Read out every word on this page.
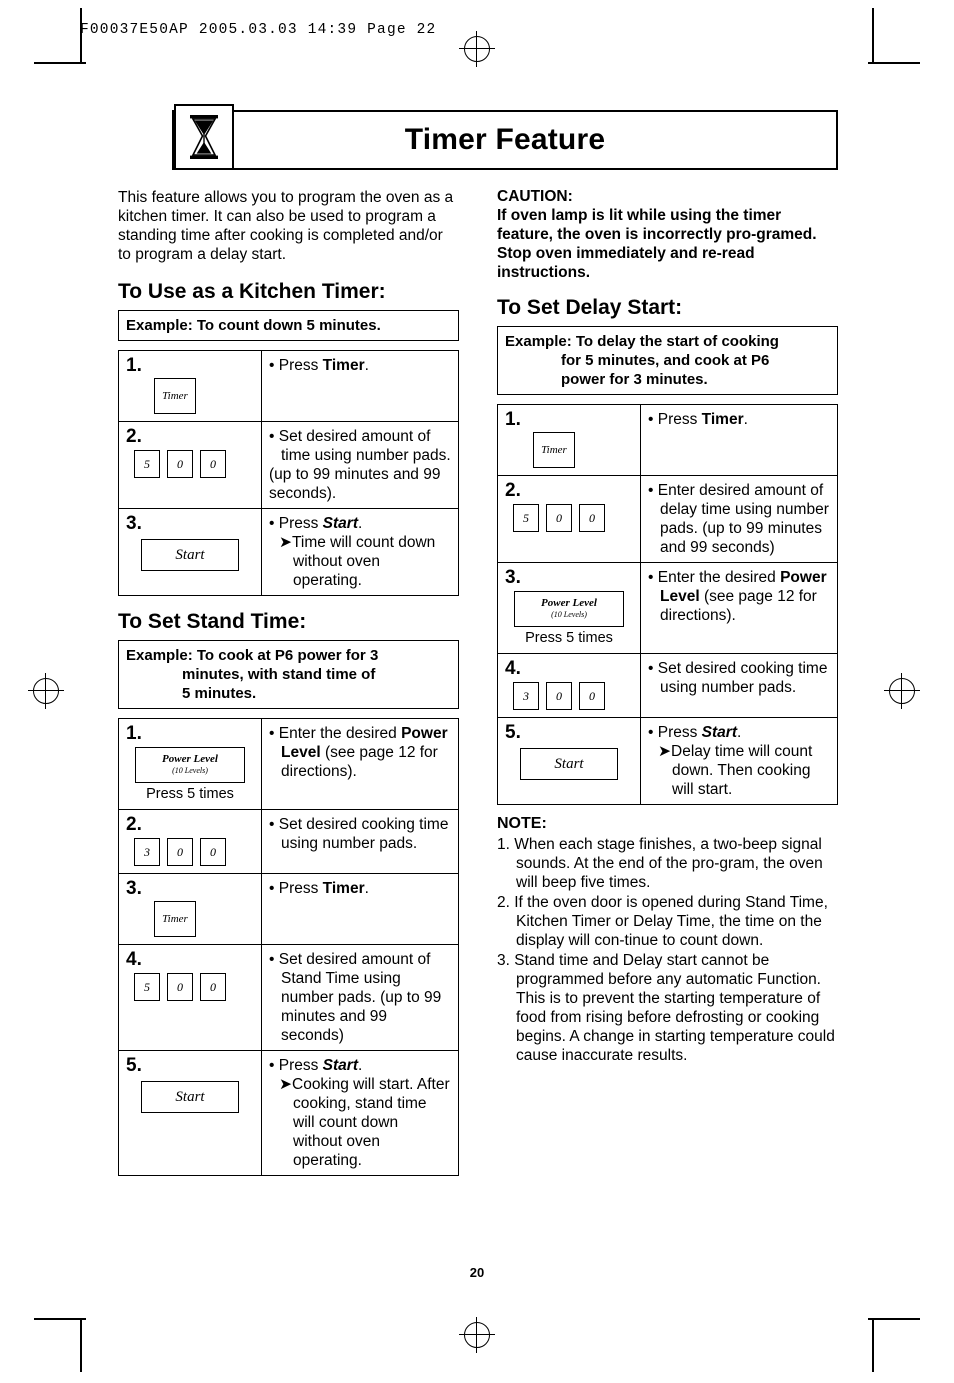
F00037E50AP 2005.03.03 14:39 Page 22
Timer Feature

This feature allows you to program the oven as a kitchen timer. It can also be used to program a standing time after cooking is completed and/or to program a delay start.

To Use as a Kitchen Timer:
Example: To count down 5 minutes.
1.
Timer	• Press Timer.

2.
5	0	0

• Set desired amount of time using number pads.
(up to 99 minutes and 99 seconds).

3.
Start	• Press Start.
➤Time will count down without oven operating.
To Set Stand Time:
Example: To cook at P6 power for 3
minutes, with stand time of
5 minutes.
1.
Power Level
(10 Levels)
Press 5 times	• Enter the desired Power Level (see page 12 for directions).

2.
3 0 0	• Set desired cooking time using number pads.

3.
Timer	• Press Timer.

4.
5 0 0	• Set desired amount of Stand Time using number pads. (up to 99 minutes and 99 seconds)

5.
Start	• Press Start.
➤Cooking will start. After cooking, stand time will count down without oven operating.

CAUTION:

If oven lamp is lit while using the timer feature, the oven is incorrectly pro-gramed. Stop oven immediately and re-read instructions.

To Set Delay Start:
Example: To delay the start of cooking
for 5 minutes, and cook at P6
power for 3 minutes.
1.
Timer	• Press Timer.

2.
5 0 0	• Enter desired amount of delay time using number pads. (up to 99 minutes and 99 seconds)

3.
Power Level
(10 Levels)
Press 5 times	• Enter the desired Power Level (see page 12 for directions).

4.
3 0 0	• Set desired cooking time using number pads.

5.
Start	• Press Start.
➤Delay time will count down. Then cooking will start.
NOTE:
1. When each stage finishes, a two-beep signal sounds. At the end of the pro-gram, the oven will beep five times.
2. If the oven door is opened during Stand Time, Kitchen Timer or Delay Time, the time on the display will con-tinue to count down.
3. Stand time and Delay start cannot be programmed before any automatic Function. This is to prevent the starting temperature of food from rising before defrosting or cooking begins. A change in starting temperature could cause inaccurate results.
20
